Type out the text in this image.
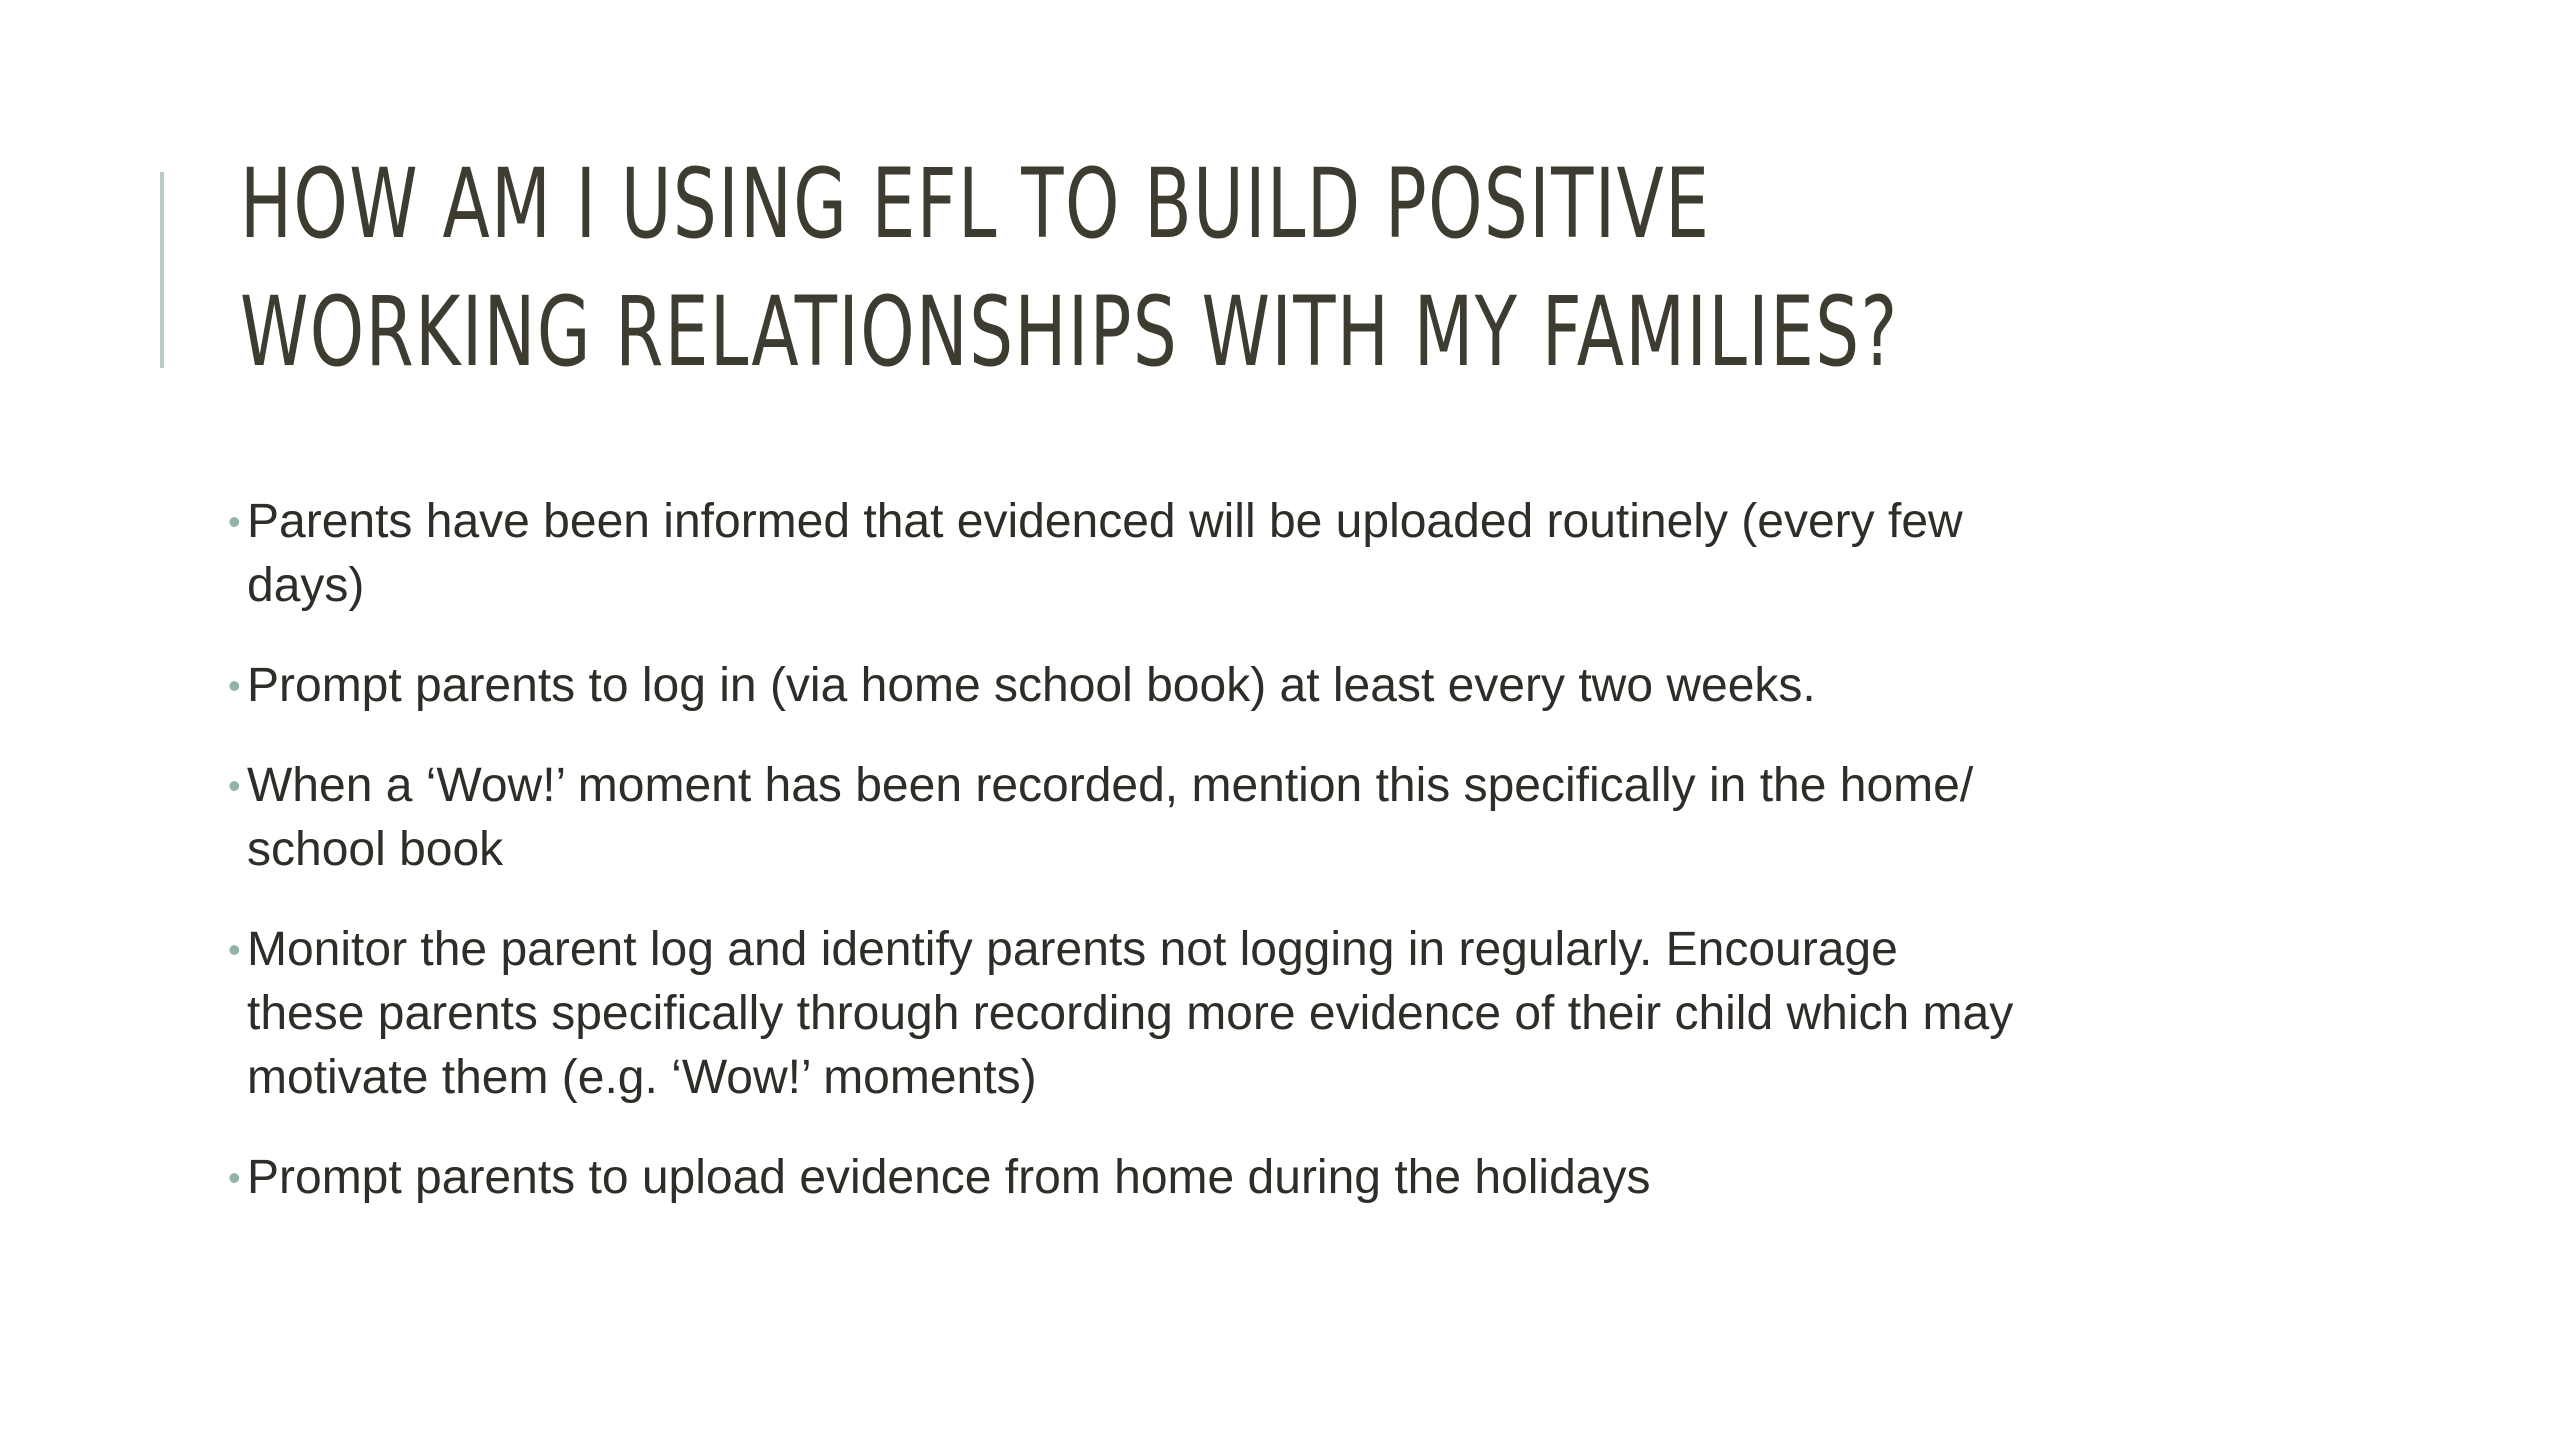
HOW AM I USING EFL TO BUILD POSITIVE
WORKING RELATIONSHIPS WITH MY FAMILIES?
• Parents have been informed that evidenced will be uploaded routinely (every few
days)
• Prompt parents to log in (via home school book) at least every two weeks.
• When a ‘Wow!’ moment has been recorded, mention this specifically in the home/
school book
• Monitor the parent log and identify parents not logging in regularly. Encourage
these parents specifically through recording more evidence of their child which may
motivate them (e.g. ‘Wow!’ moments)
• Prompt parents to upload evidence from home during the holidays
